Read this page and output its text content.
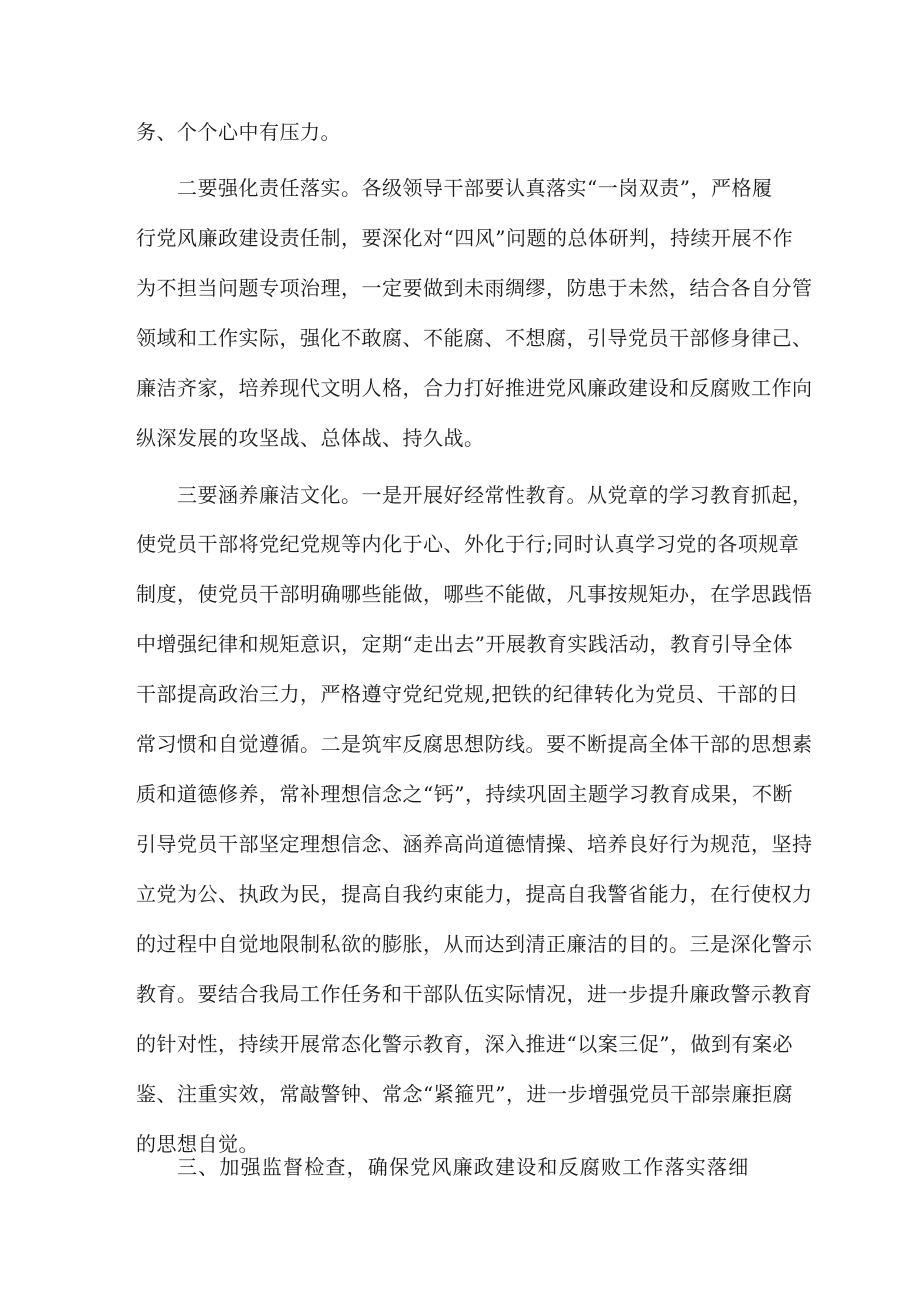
务、个个心中有压力。
二要强化责任落实。各级领导干部要认真落实“一岗双责”，严格履
行党风廉政建设责任制，要深化对“四风”问题的总体研判，持续开展不作
为不担当问题专项治理，一定要做到未雨绸缪，防患于未然，结合各自分管
领域和工作实际，强化不敢腐、不能腐、不想腐，引导党员干部修身律己、
廉洁齐家，培养现代文明人格，合力打好推进党风廉政建设和反腐败工作向
纵深发展的攻坚战、总体战、持久战。
三要涵养廉洁文化。一是开展好经常性教育。从党章的学习教育抓起，
使党员干部将党纪党规等内化于心、外化于行;同时认真学习党的各项规章
制度，使党员干部明确哪些能做，哪些不能做，凡事按规矩办，在学思践悟
中增强纪律和规矩意识，定期“走出去”开展教育实践活动，教育引导全体
干部提高政治三力，严格遵守党纪党规,把铁的纪律转化为党员、干部的日
常习惯和自觉遵循。二是筑牢反腐思想防线。要不断提高全体干部的思想素
质和道德修养，常补理想信念之“钙”，持续巩固主题学习教育成果，不断
引导党员干部坚定理想信念、涵养高尚道德情操、培养良好行为规范，坚持
立党为公、执政为民，提高自我约束能力，提高自我警省能力，在行使权力
的过程中自觉地限制私欲的膨胀，从而达到清正廉洁的目的。三是深化警示
教育。要结合我局工作任务和干部队伍实际情况，进一步提升廉政警示教育
的针对性，持续开展常态化警示教育，深入推进“以案三促”，做到有案必
鉴、注重实效，常敲警钟、常念“紧箍咒”，进一步增强党员干部崇廉拒腐
的思想自觉。
三、加强监督检查，确保党风廉政建设和反腐败工作落实落细
